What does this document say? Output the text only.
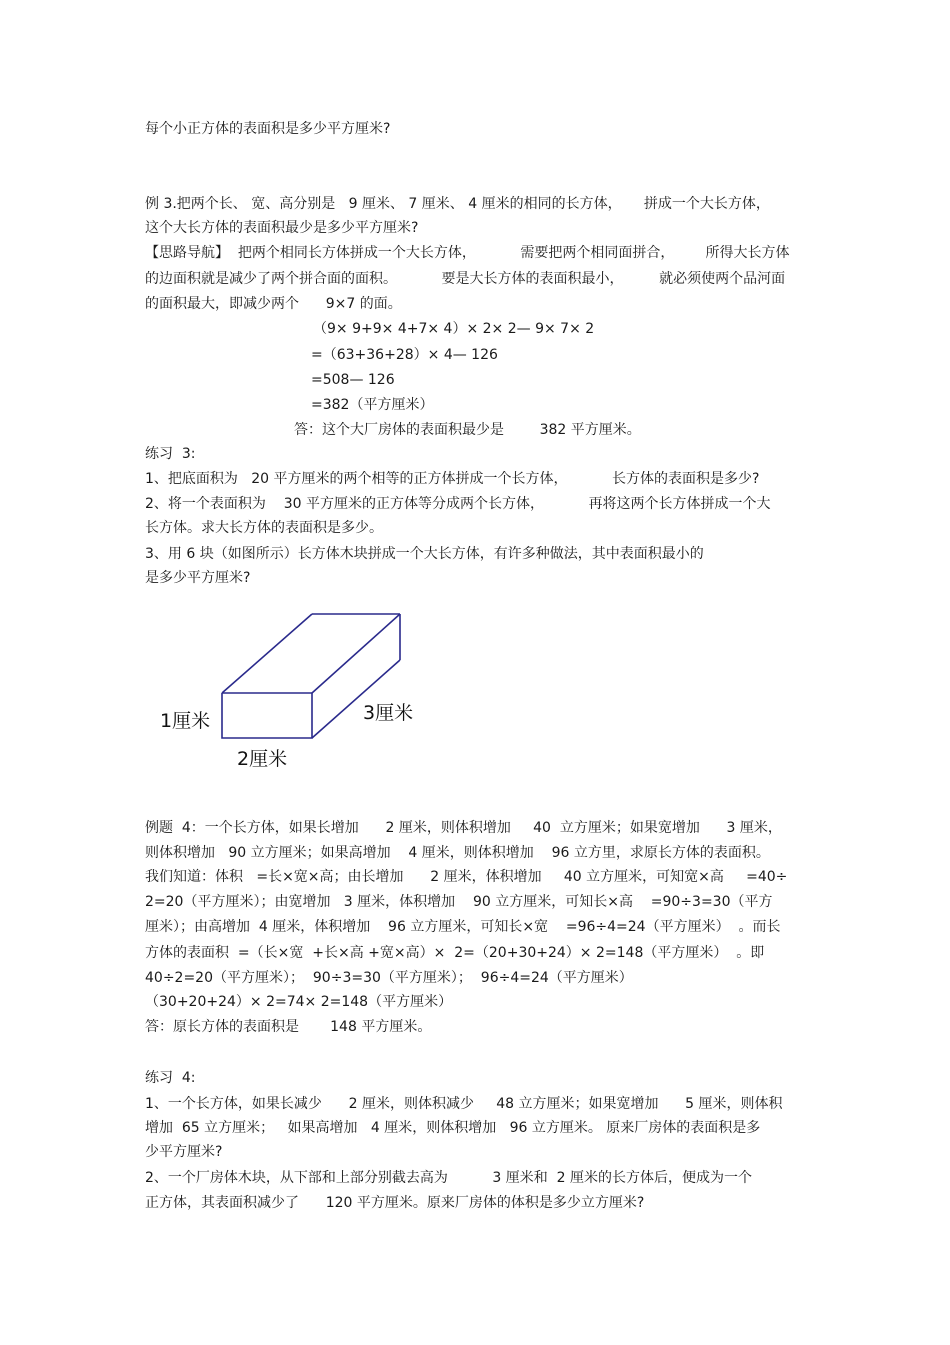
每个小正方体的表面积是多少平方厘米?
例 3.把两个长、 宽、高分别是   9 厘米、 7 厘米、 4 厘米的相同的长方体，     拼成一个大长方体，
这个大长方体的表面积最少是多少平方厘米?
【思路导航】  把两个相同长方体拼成一个大长方体，          需要把两个相同面拼合，       所得大长方体
的边面积就是减少了两个拼合面的面积。          要是大长方体的表面积最小，        就必须使两个品河面
的面积最大，即减少两个      9×7 的面。
（9× 9+9× 4+7× 4）× 2× 2— 9× 7× 2
=（63+36+28）× 4— 126
=508— 126
=382（平方厘米）
答：这个大厂房体的表面积最少是        382 平方厘米。
练习  3:
1、把底面积为   20 平方厘米的两个相等的正方体拼成一个长方体，          长方体的表面积是多少?
2、将一个表面积为    30 平方厘米的正方体等分成两个长方体，          再将这两个长方体拼成一个大
长方体。求大长方体的表面积是多少。
3、用 6 块（如图所示）长方体木块拼成一个大长方体，有许多种做法，其中表面积最小的
是多少平方厘米?
1厘米
2厘米
3厘米
例题  4：一个长方体，如果长增加      2 厘米，则体积增加     40  立方厘米；如果宽增加      3 厘米，
则体积增加   90 立方厘米；如果高增加    4 厘米，则体积增加    96 立方里，求原长方体的表面积。
我们知道：体积   =长×宽×高；由长增加      2 厘米，体积增加     40 立方厘米，可知宽×高     =40÷
2=20（平方厘米）；由宽增加   3 厘米，体积增加    90 立方厘米，可知长×高    =90÷3=30（平方
厘米）；由高增加  4 厘米，体积增加    96 立方厘米，可知长×宽    =96÷4=24（平方厘米）  。而长
方体的表面积  =（长×宽  +长×高 +宽×高）×  2=（20+30+24）× 2=148（平方厘米）  。即
40÷2=20（平方厘米）；  90÷3=30（平方厘米）；  96÷4=24（平方厘米）
（30+20+24）× 2=74× 2=148（平方厘米）
答：原长方体的表面积是       148 平方厘米。
练习  4:
1、一个长方体，如果长减少      2 厘米，则体积减少     48 立方厘米；如果宽增加      5 厘米，则体积
增加  65 立方厘米；   如果高增加   4 厘米，则体积增加   96 立方厘米。 原来厂房体的表面积是多
少平方厘米?
2、一个厂房体木块，从下部和上部分别截去高为          3 厘米和  2 厘米的长方体后，便成为一个
正方体，其表面积减少了      120 平方厘米。原来厂房体的体积是多少立方厘米?
